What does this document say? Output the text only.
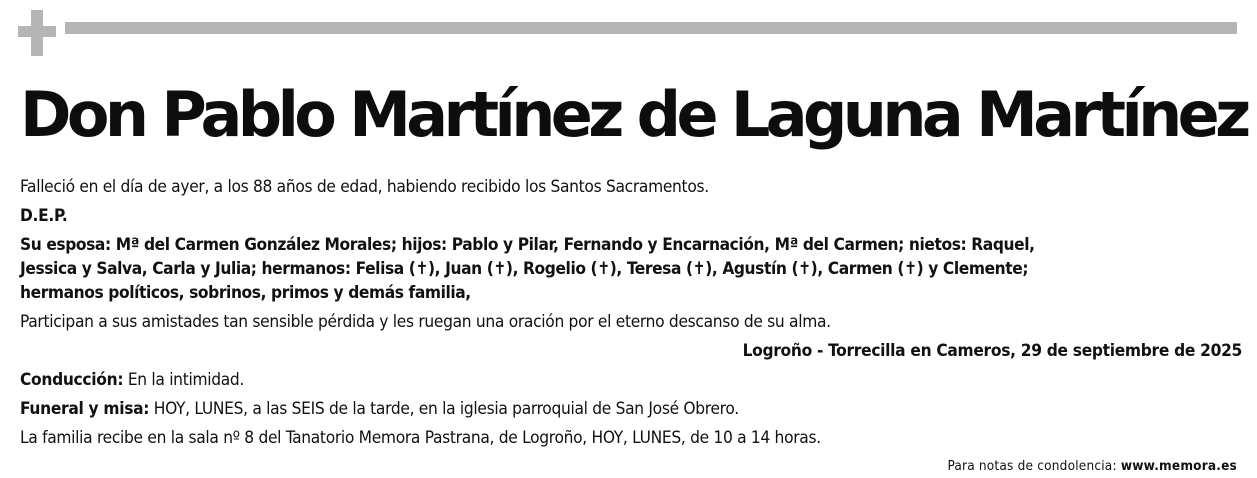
Don Pablo Martínez de Laguna Martínez

Falleció en el día de ayer, a los 88 años de edad, habiendo recibido los Santos Sacramentos.

D.E.P.

Su esposa: Mª del Carmen González Morales; hijos: Pablo y Pilar, Fernando y Encarnación, Mª del Carmen; nietos: Raquel,
Jessica y Salva, Carla y Julia; hermanos: Felisa (✝), Juan (✝), Rogelio (✝), Teresa (✝), Agustín (✝), Carmen (✝) y Clemente;
hermanos políticos, sobrinos, primos y demás familia,

Participan a sus amistades tan sensible pérdida y les ruegan una oración por el eterno descanso de su alma.

Logroño - Torrecilla en Cameros, 29 de septiembre de 2025

Conducción: En la intimidad.

Funeral y misa: HOY, LUNES, a las SEIS de la tarde, en la iglesia parroquial de San José Obrero.

La familia recibe en la sala nº 8 del Tanatorio Memora Pastrana, de Logroño, HOY, LUNES, de 10 a 14 horas.

Para notas de condolencia: www.memora.es
